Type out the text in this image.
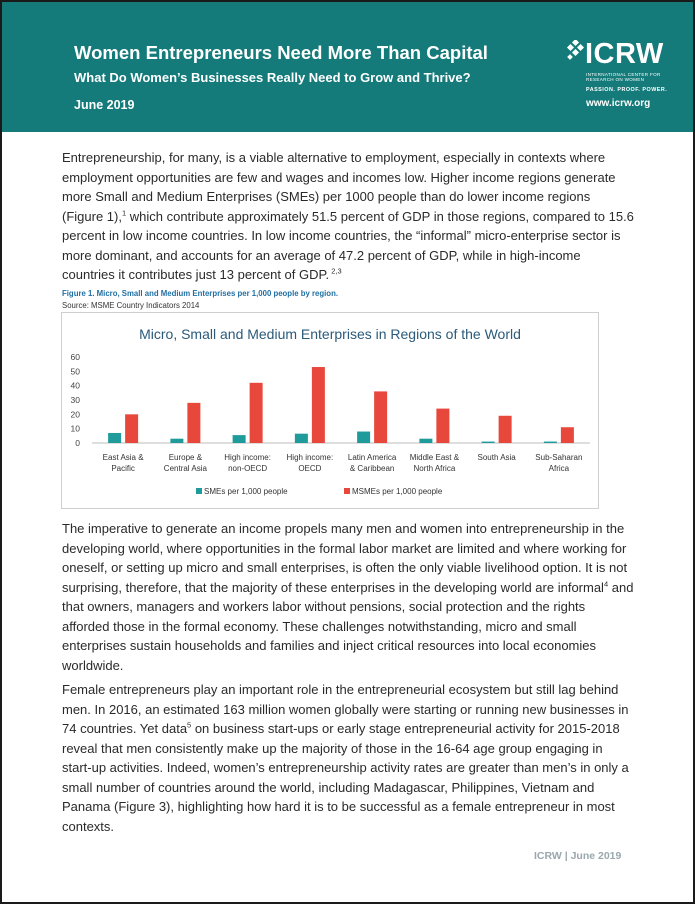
Women Entrepreneurs Need More Than Capital
What Do Women’s Businesses Really Need to Grow and Thrive?
June 2019
ICRW
INTERNATIONAL CENTER FOR RESEARCH ON WOMEN
PASSION. PROOF. POWER.
www.icrw.org

Entrepreneurship, for many, is a viable alternative to employment, especially in contexts where employment opportunities are few and wages and incomes low. Higher income regions generate more Small and Medium Enterprises (SMEs) per 1000 people than do lower income regions (Figure 1),$^1$ which contribute approximately 51.5 percent of GDP in those regions, compared to 15.6 percent in low income countries. In low income countries, the “informal” micro-enterprise sector is more dominant, and accounts for an average of 47.2 percent of GDP, while in high-income countries it contributes just 13 percent of GDP. $^{2,3}$

Figure 1. Micro, Small and Medium Enterprises per 1,000 people by region.
Source: MSME Country Indicators 2014
Micro, Small and Medium Enterprises in Regions of the World
0
10
20
30
40
50
60
East Asia &
Pacific
Europe &
Central Asia
High income:
non-OECD
High income:
OECD
Latin America
& Caribbean
Middle East &
North Africa
South Asia Sub-Saharan
Africa
SMEs per 1,000 people	MSMEs per 1,000 people

The imperative to generate an income propels many men and women into entrepreneurship in the developing world, where opportunities in the formal labor market are limited and where working for oneself, or setting up micro and small enterprises, is often the only viable livelihood option. It is not surprising, therefore, that the majority of these enterprises in the developing world are informal$^4$ and that owners, managers and workers labor without pensions, social protection and the rights afforded those in the formal economy. These challenges notwithstanding, micro and small enterprises sustain households and families and inject critical resources into local economies worldwide.

Female entrepreneurs play an important role in the entrepreneurial ecosystem but still lag behind men. In 2016, an estimated 163 million women globally were starting or running new businesses in 74 countries. Yet data$^5$ on business start-ups or early stage entrepreneurial activity for 2015-2018 reveal that men consistently make up the majority of those in the 16-64 age group engaging in start-up activities. Indeed, women’s entrepreneurship activity rates are greater than men’s in only a small number of countries around the world, including Madagascar, Philippines, Vietnam and Panama (Figure 3), highlighting how hard it is to be successful as a female entrepreneur in most contexts.

ICRW | June 2019
